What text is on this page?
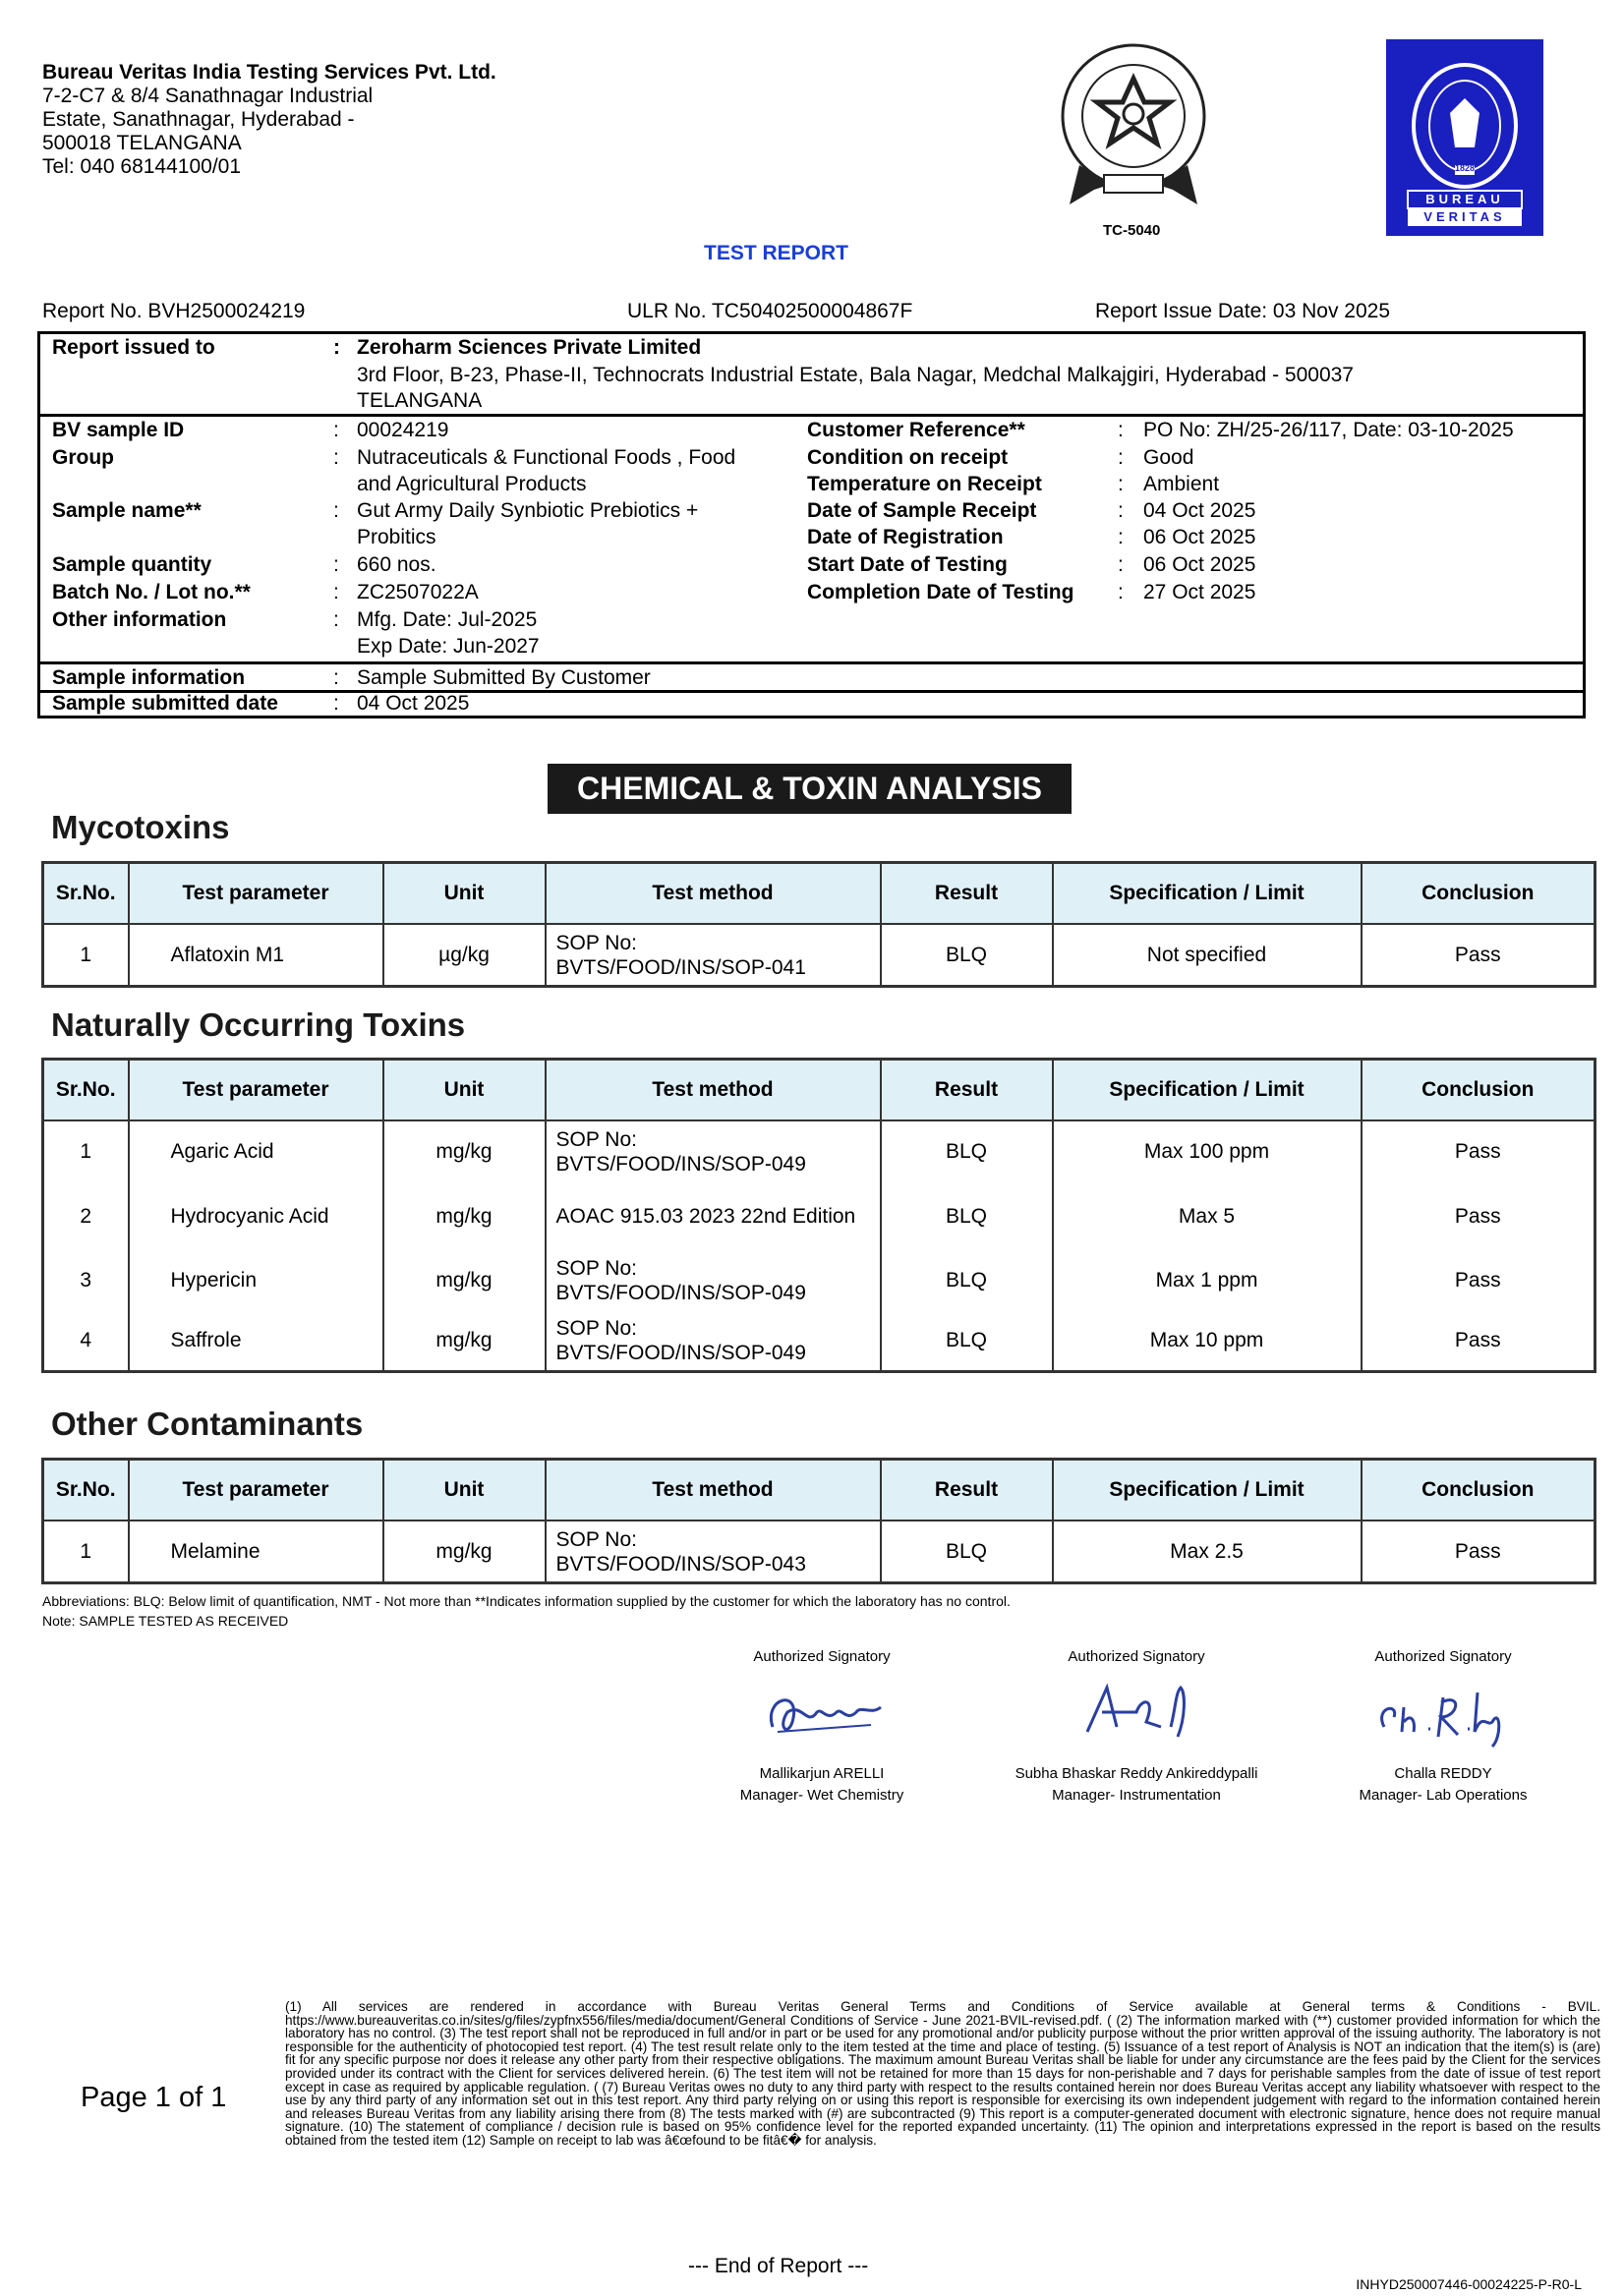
Bureau Veritas India Testing Services Pvt. Ltd.
7-2-C7 & 8/4 Sanathnagar Industrial
Estate, Sanathnagar, Hyderabad -
500018 TELANGANA
Tel: 040 68144100/01
TC-5040
BUREAU
VERITAS
1828
TEST REPORT
Report No. BVH2500024219	ULR No. TC50402500004867F	Report Issue Date: 03 Nov 2025
Report issued to	: Zeroharm Sciences Private Limited
3rd Floor, B-23, Phase-II, Technocrats Industrial Estate, Bala Nagar, Medchal Malkajgiri, Hyderabad - 500037
TELANGANA
BV sample ID	: 00024219
Group	: Nutraceuticals & Functional Foods , Food
and Agricultural Products
Sample name**	: Gut Army Daily Synbiotic Prebiotics +
Probitics
Sample quantity	: 660 nos.
Batch No. / Lot no.**	: ZC2507022A
Other information	: Mfg. Date: Jul-2025
Exp Date: Jun-2027
Customer Reference**	: PO No: ZH/25-26/117, Date: 03-10-2025
Condition on receipt	: Good
Temperature on Receipt	: Ambient
Date of Sample Receipt	: 04 Oct 2025
Date of Registration	: 06 Oct 2025
Start Date of Testing	: 06 Oct 2025
Completion Date of Testing : 27 Oct 2025
Sample information	: Sample Submitted By Customer
Sample submitted date	: 04 Oct 2025
CHEMICAL & TOXIN ANALYSIS
Mycotoxins
Sr.No.	Test parameter	Unit	Test method	Result	Specification / Limit	Conclusion
1	Aflatoxin M1	µg/kg	SOP No:
BVTS/FOOD/INS/SOP-041	BLQ	Not specified	Pass
Naturally Occurring Toxins
Sr.No.	Test parameter	Unit	Test method	Result	Specification / Limit	Conclusion
1	Agaric Acid	mg/kg	SOP No:
BVTS/FOOD/INS/SOP-049	BLQ	Max 100 ppm	Pass
2	Hydrocyanic Acid	mg/kg	AOAC 915.03 2023 22nd Edition	BLQ	Max 5	Pass
3	Hypericin	mg/kg	SOP No:
BVTS/FOOD/INS/SOP-049	BLQ	Max 1 ppm	Pass
4	Saffrole	mg/kg	SOP No:
BVTS/FOOD/INS/SOP-049	BLQ	Max 10 ppm	Pass
Other Contaminants
Sr.No.	Test parameter	Unit	Test method	Result	Specification / Limit	Conclusion
1	Melamine	mg/kg	SOP No:
BVTS/FOOD/INS/SOP-043	BLQ	Max 2.5	Pass
Abbreviations: BLQ: Below limit of quantification, NMT - Not more than **Indicates information supplied by the customer for which the laboratory has no control.
Note: SAMPLE TESTED AS RECEIVED
Authorized Signatory
Mallikarjun ARELLI
Manager- Wet Chemistry
Authorized Signatory
Subha Bhaskar Reddy Ankireddypalli
Manager- Instrumentation
Authorized Signatory
Challa REDDY
Manager- Lab Operations
Page 1 of 1
(1) All services are rendered in accordance with Bureau Veritas General Terms and Conditions of Service available at General terms & Conditions - BVIL. https://www.bureauveritas.co.in/sites/g/files/zypfnx556/files/media/document/General Conditions of Service - June 2021-BVIL-revised.pdf. ( (2) The information marked with (**) customer provided information for which the laboratory has no control. (3) The test report shall not be reproduced in full and/or in part or be used for any promotional and/or publicity purpose without the prior written approval of the issuing authority. The laboratory is not responsible for the authenticity of photocopied test report. (4) The test result relate only to the item tested at the time and place of testing. (5) Issuance of a test report of Analysis is NOT an indication that the item(s) is (are) fit for any specific purpose nor does it release any other party from their respective obligations. The maximum amount Bureau Veritas shall be liable for under any circumstance are the fees paid by the Client for the services provided under its contract with the Client for services delivered herein. (6) The test item will not be retained for more than 15 days for non-perishable and 7 days for perishable samples from the date of issue of test report except in case as required by applicable regulation. ( (7) Bureau Veritas owes no duty to any third party with respect to the results contained herein nor does Bureau Veritas accept any liability whatsoever with respect to the use by any third party of any information set out in this test report. Any third party relying on or using this report is responsible for exercising its own independent judgement with regard to the information contained herein and releases Bureau Veritas from any liability arising there from (8) The tests marked with (#) are subcontracted (9) This report is a computer-generated document with electronic signature, hence does not require manual signature. (10) The statement of compliance / decision rule is based on 95% confidence level for the reported expanded uncertainty. (11) The opinion and interpretations expressed in the report is based on the results obtained from the tested item (12) Sample on receipt to lab was â€œfound to be fitâ€� for analysis.
--- End of Report ---
INHYD250007446-00024225-P-R0-L
